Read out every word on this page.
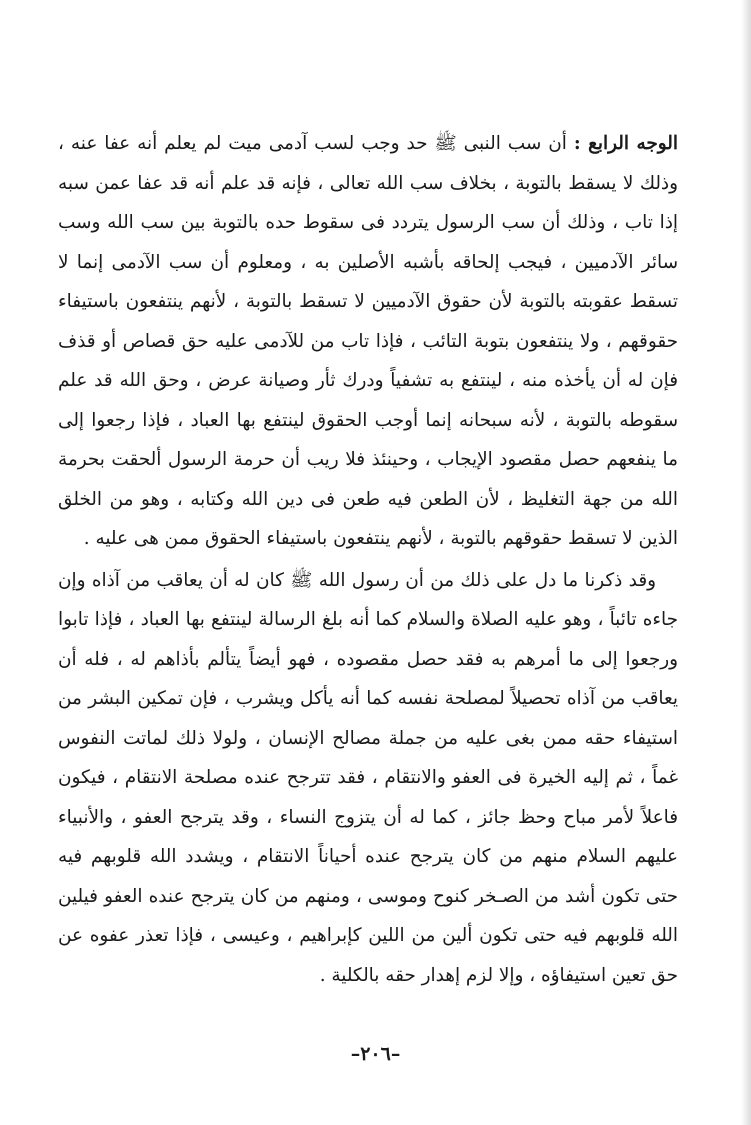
الوجه الرابع : أن سب النبى ﷺ حد وجب لسب آدمى ميت لم يعلم أنه عفا عنه ، وذلك لا يسقط بالتوبة ، بخلاف سب الله تعالى ، فإنه قد علم أنه قد عفا عمن سبه إذا تاب ، وذلك أن سب الرسول يتردد فى سقوط حده بالتوبة بين سب الله وسب سائر الآدميين ، فيجب إلحاقه بأشبه الأصلين به ، ومعلوم أن سب الآدمى إنما لا تسقط عقوبته بالتوبة لأن حقوق الآدميين لا تسقط بالتوبة ، لأنهم ينتفعون باستيفاء حقوقهم ، ولا ينتفعون بتوبة التائب ، فإذا تاب من للآدمى عليه حق قصاص أو قذف فإن له أن يأخذه منه ، لينتفع به تشفياً ودرك ثأر وصيانة عرض ، وحق الله قد علم سقوطه بالتوبة ، لأنه سبحانه إنما أوجب الحقوق لينتفع بها العباد ، فإذا رجعوا إلى ما ينفعهم حصل مقصود الإيجاب ، وحينئذ فلا ريب أن حرمة الرسول ألحقت بحرمة الله من جهة التغليظ ، لأن الطعن فيه طعن فى دين الله وكتابه ، وهو من الخلق الذين لا تسقط حقوقهم بالتوبة ، لأنهم ينتفعون باستيفاء الحقوق ممن هى عليه .

وقد ذكرنا ما دل على ذلك من أن رسول الله ﷺ كان له أن يعاقب من آذاه وإن جاءه تائباً ، وهو عليه الصلاة والسلام كما أنه بلغ الرسالة لينتفع بها العباد ، فإذا تابوا ورجعوا إلى ما أمرهم به فقد حصل مقصوده ، فهو أيضاً يتألم بأذاهم له ، فله أن يعاقب من آذاه تحصيلاً لمصلحة نفسه كما أنه يأكل ويشرب ، فإن تمكين البشر من استيفاء حقه ممن بغى عليه من جملة مصالح الإنسان ، ولولا ذلك لماتت النفوس غماً ، ثم إليه الخيرة فى العفو والانتقام ، فقد تترجح عنده مصلحة الانتقام ، فيكون فاعلاً لأمر مباح وحظ جائز ، كما له أن يتزوج النساء ، وقد يترجح العفو ، والأنبياء عليهم السلام منهم من كان يترجح عنده أحياناً الانتقام ، ويشدد الله قلوبهم فيه حتى تكون أشد من الصـخر كنوح وموسى ، ومنهم من كان يترجح عنده العفو فيلين الله قلوبهم فيه حتى تكون ألين من اللين كإبراهيم ، وعيسى ، فإذا تعذر عفوه عن حق تعين استيفاؤه ، وإلا لزم إهدار حقه بالكلية .

–٢٠٦–
